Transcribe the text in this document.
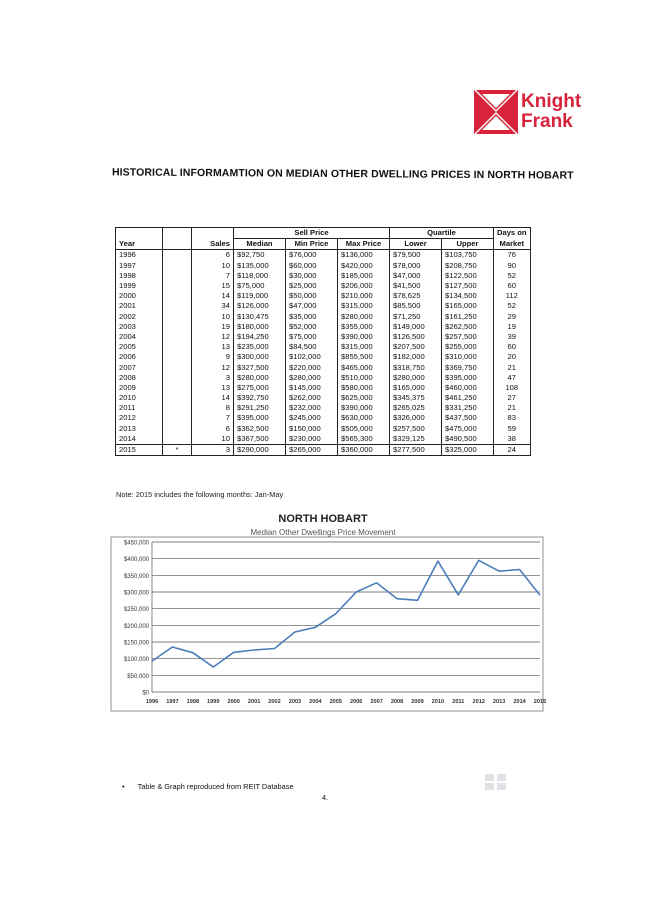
Knight
Frank
HISTORICAL INFORMAMTION ON MEDIAN OTHER DWELLING PRICES IN NORTH HOBART
			Sell Price			Quartile		Days on
Year		Sales	Median	Min Price	Max Price	Lower	Upper	Market
1996		6	$92,750	$76,000	$136,000	$79,500	$103,750	76
1997		10	$135,000	$60,000	$420,000	$78,000	$208,750	90
1998		7	$118,000	$30,000	$185,000	$47,000	$122,500	52
1999		15	$75,000	$25,000	$206,000	$41,500	$127,500	60
2000		14	$119,000	$50,000	$210,000	$78,625	$134,500	112
2001		34	$126,000	$47,000	$315,000	$85,500	$165,000	52
2002		10	$130,475	$35,000	$280,000	$71,250	$161,250	29
2003		19	$180,000	$52,000	$355,000	$149,000	$262,500	19
2004		12	$194,250	$75,000	$390,000	$126,500	$257,500	39
2005		13	$235,000	$84,500	$315,000	$207,500	$255,000	60
2006		9	$300,000	$102,000	$855,500	$182,000	$310,000	20
2007		12	$327,500	$220,000	$465,000	$318,750	$369,750	21
2008		3	$280,000	$280,000	$510,000	$280,000	$395,000	47
2009		13	$275,000	$145,000	$580,000	$165,000	$460,000	108
2010		14	$392,750	$262,000	$625,000	$345,375	$461,250	27
2011		8	$291,250	$232,000	$390,000	$265,025	$331,250	21
2012		7	$395,000	$245,000	$630,000	$326,000	$437,500	83
2013		6	$362,500	$150,000	$505,000	$257,500	$475,000	59
2014		10	$367,500	$230,000	$565,300	$329,125	$490,500	38
2015	*	3	$290,000	$265,000	$360,000	$277,500	$325,000	24
Note: 2015 includes the following months: Jan-May
NORTH HOBART
Median Other Dwellings Price Movement
$0
$50,000
$100,000
$150,000
$200,000
$250,000
$300,000
$350,000
$400,000
$450,000
1996 1997 1998 1999 2000 2001 2002 2003 2004 2005 2006 2007 2008 2009 2010 2011 2012 2013 2014 2015
• Table & Graph reproduced from REIT Database
4.
